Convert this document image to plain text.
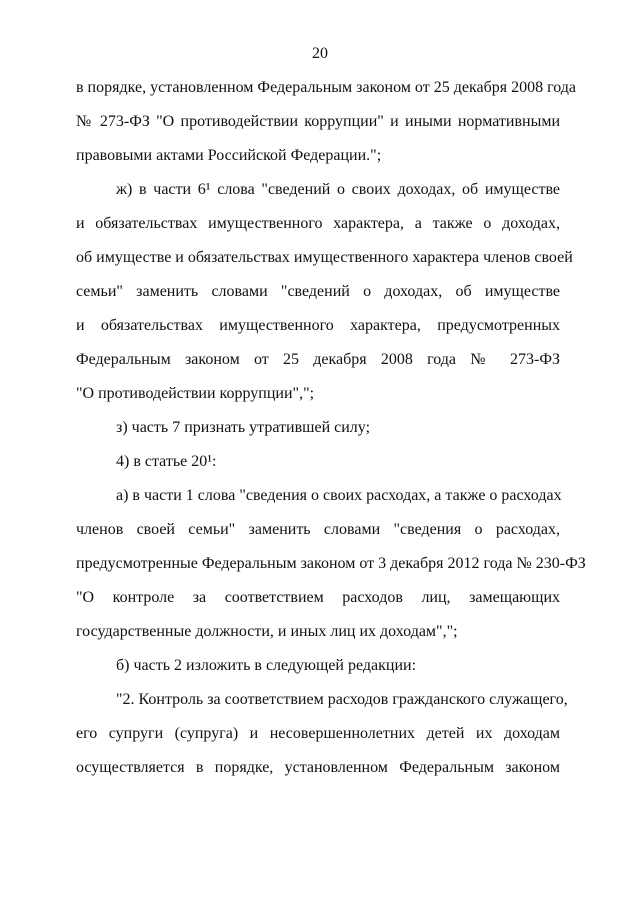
20
в порядке, установленном Федеральным законом от 25 декабря 2008 года
№ 273-ФЗ "О противодействии коррупции" и иными нормативными
правовыми актами Российской Федерации.";
ж) в части 6¹ слова "сведений о своих доходах, об имуществе
и обязательствах имущественного характера, а также о доходах,
об имуществе и обязательствах имущественного характера членов своей
семьи" заменить словами "сведений о доходах, об имуществе
и обязательствах имущественного характера, предусмотренных
Федеральным законом от 25 декабря 2008 года № 273-ФЗ
"О противодействии коррупции",";
з) часть 7 признать утратившей силу;
4) в статье 20¹:
а) в части 1 слова "сведения о своих расходах, а также о расходах
членов своей семьи" заменить словами "сведения о расходах,
предусмотренные Федеральным законом от 3 декабря 2012 года № 230-ФЗ
"О контроле за соответствием расходов лиц, замещающих
государственные должности, и иных лиц их доходам",";
б) часть 2 изложить в следующей редакции:
"2. Контроль за соответствием расходов гражданского служащего,
его супруги (супруга) и несовершеннолетних детей их доходам
осуществляется в порядке, установленном Федеральным законом
